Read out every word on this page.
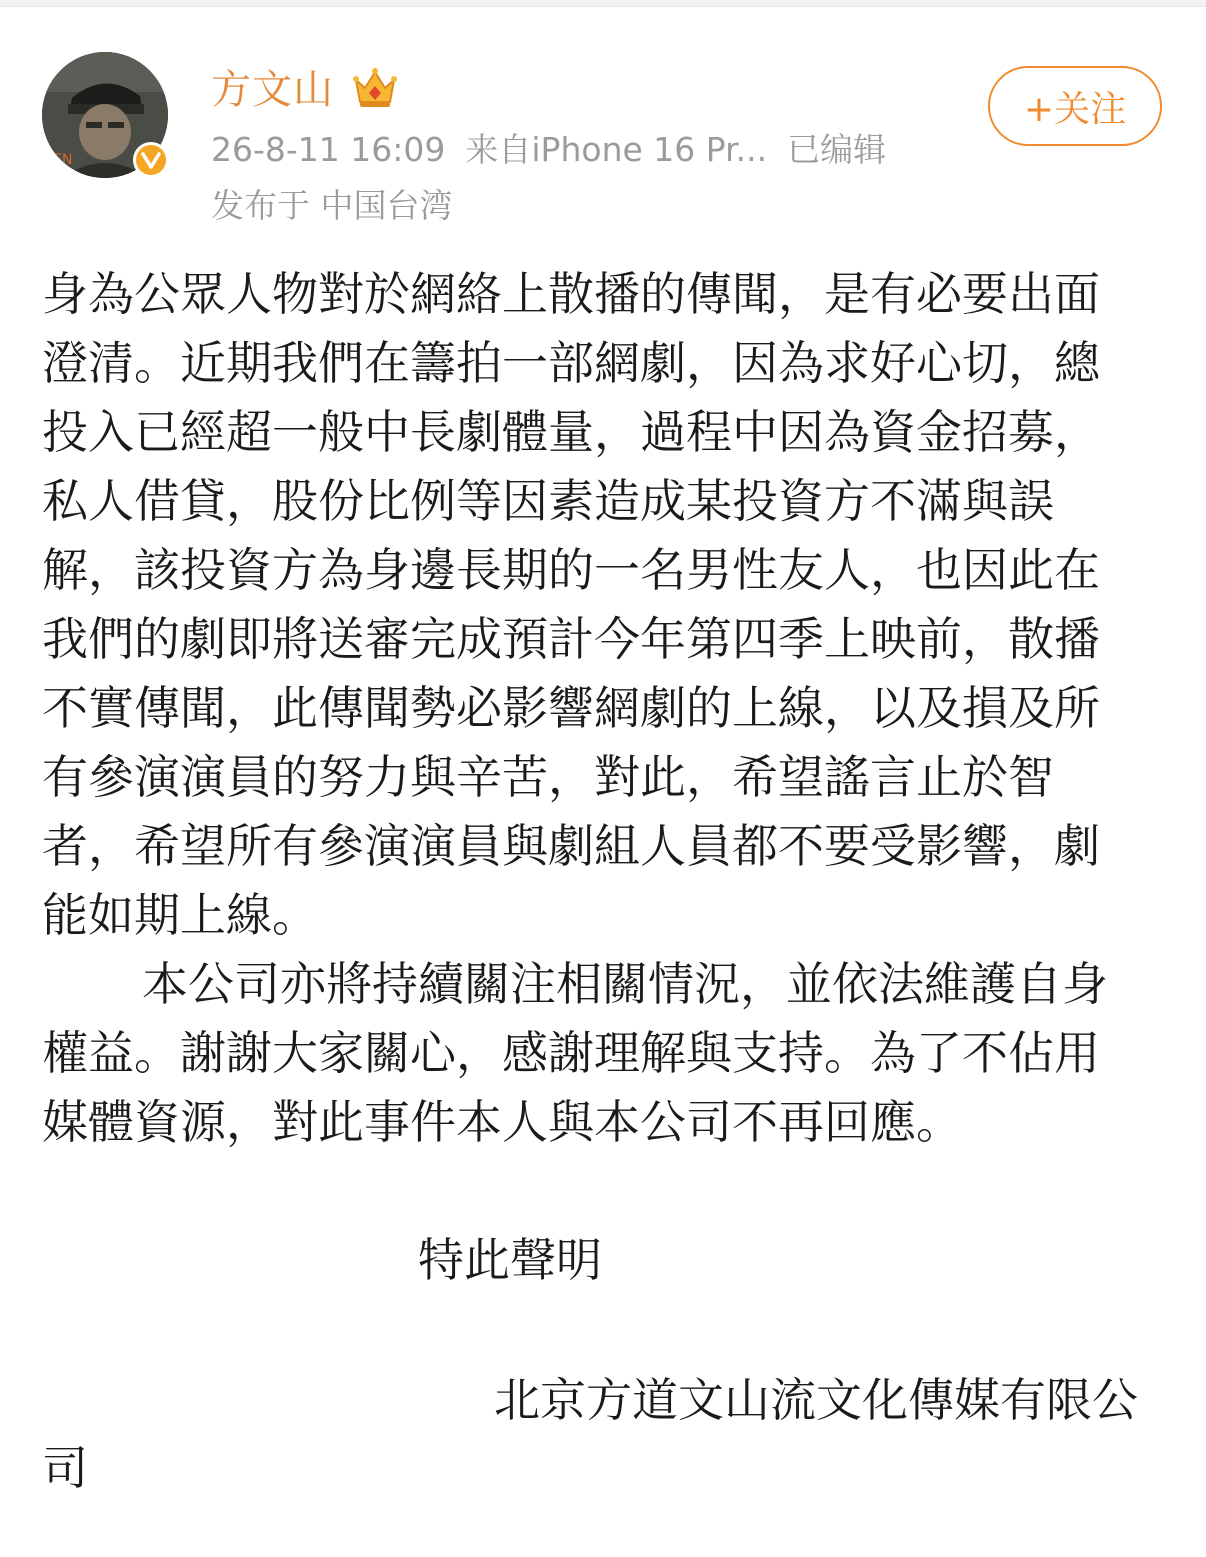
FN
方文山
26-8-11 16:09 来自iPhone 16 Pr... 已编辑
发布于 中国台湾
+关注

身為公眾人物對於網絡上散播的傳聞，是有必要出面澄清。近期我們在籌拍一部網劇，因為求好心切，總投入已經超一般中長劇體量，過程中因為資金招募，私人借貸，股份比例等因素造成某投資方不滿與誤解，該投資方為身邊長期的一名男性友人，也因此在我們的劇即將送審完成預計今年第四季上映前，散播不實傳聞，此傳聞勢必影響網劇的上線，以及損及所有參演演員的努力與辛苦，對此，希望謠言止於智者，希望所有參演演員與劇組人員都不要受影響，劇能如期上線。

本公司亦將持續關注相關情況，並依法維護自身權益。謝謝大家關心，感謝理解與支持。為了不佔用媒體資源，對此事件本人與本公司不再回應。

特此聲明
北京方道文山流文化傳媒有限公
司
